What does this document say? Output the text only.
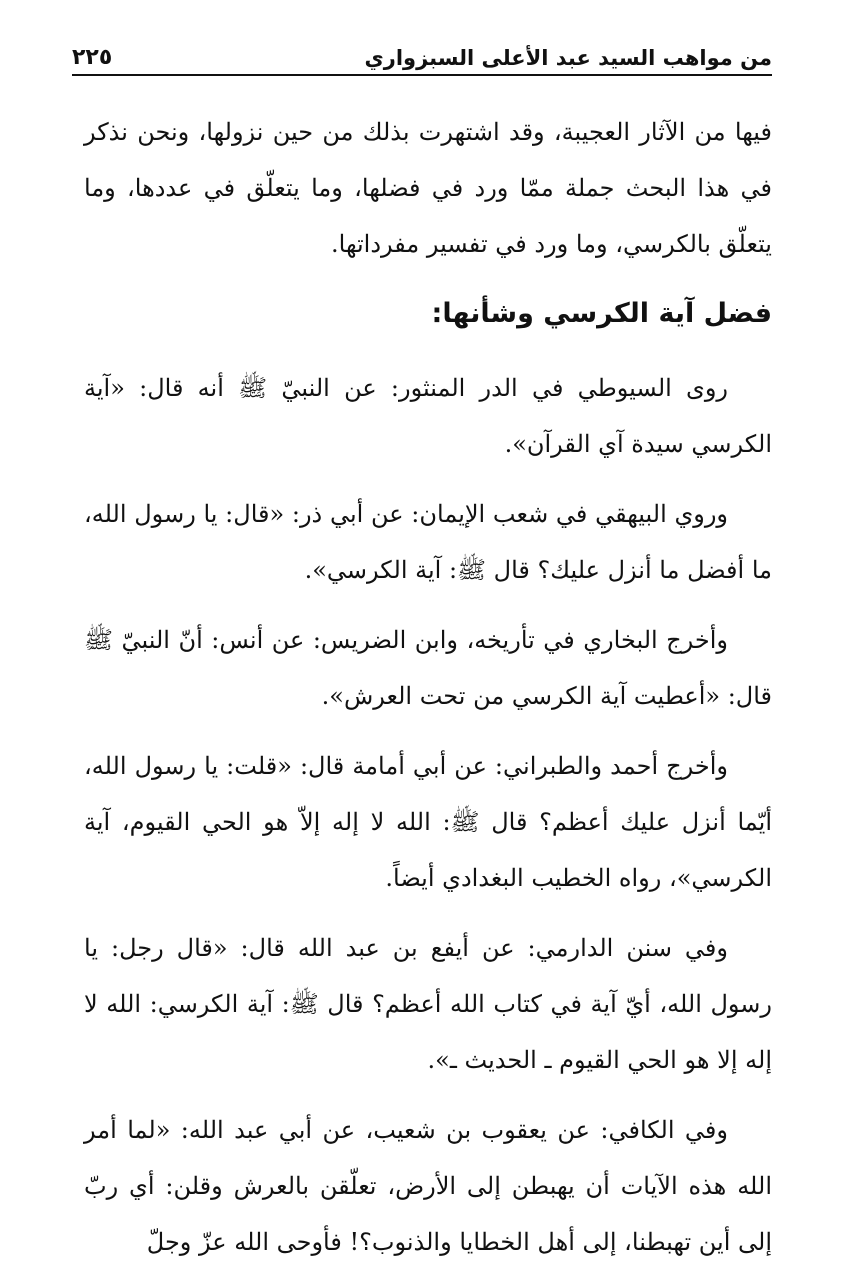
من مواهب السيد عبد الأعلى السبزواري
٢٢٥

فيها من الآثار العجيبة، وقد اشتهرت بذلك من حين نزولها، ونحن نذكر في هذا البحث جملة ممّا ورد في فضلها، وما يتعلّق في عددها، وما يتعلّق بالكرسي، وما ورد في تفسير مفرداتها.

فضل آية الكرسي وشأنها:

روى السيوطي في الدر المنثور: عن النبيّ ﷺ أنه قال: «آية الكرسي سيدة آي القرآن».

وروي البيهقي في شعب الإيمان: عن أبي ذر: «قال: يا رسول الله، ما أفضل ما أنزل عليك؟ قال ﷺ: آية الكرسي».

وأخرج البخاري في تأريخه، وابن الضريس: عن أنس: أنّ النبيّ ﷺ قال: «أعطيت آية الكرسي من تحت العرش».

وأخرج أحمد والطبراني: عن أبي أمامة قال: «قلت: يا رسول الله، أيّما أنزل عليك أعظم؟ قال ﷺ: الله لا إله إلاّ هو الحي القيوم، آية الكرسي»، رواه الخطيب البغدادي أيضاً.

وفي سنن الدارمي: عن أيفع بن عبد الله قال: «قال رجل: يا رسول الله، أيّ آية في كتاب الله أعظم؟ قال ﷺ: آية الكرسي: الله لا إله إلا هو الحي القيوم ـ الحديث ـ».

وفي الكافي: عن يعقوب بن شعيب، عن أبي عبد الله: «لما أمر الله هذه الآيات أن يهبطن إلى الأرض، تعلّقن بالعرش وقلن: أي ربّ إلى أين تهبطنا، إلى أهل الخطايا والذنوب؟! فأوحى الله عزّ وجلّ
